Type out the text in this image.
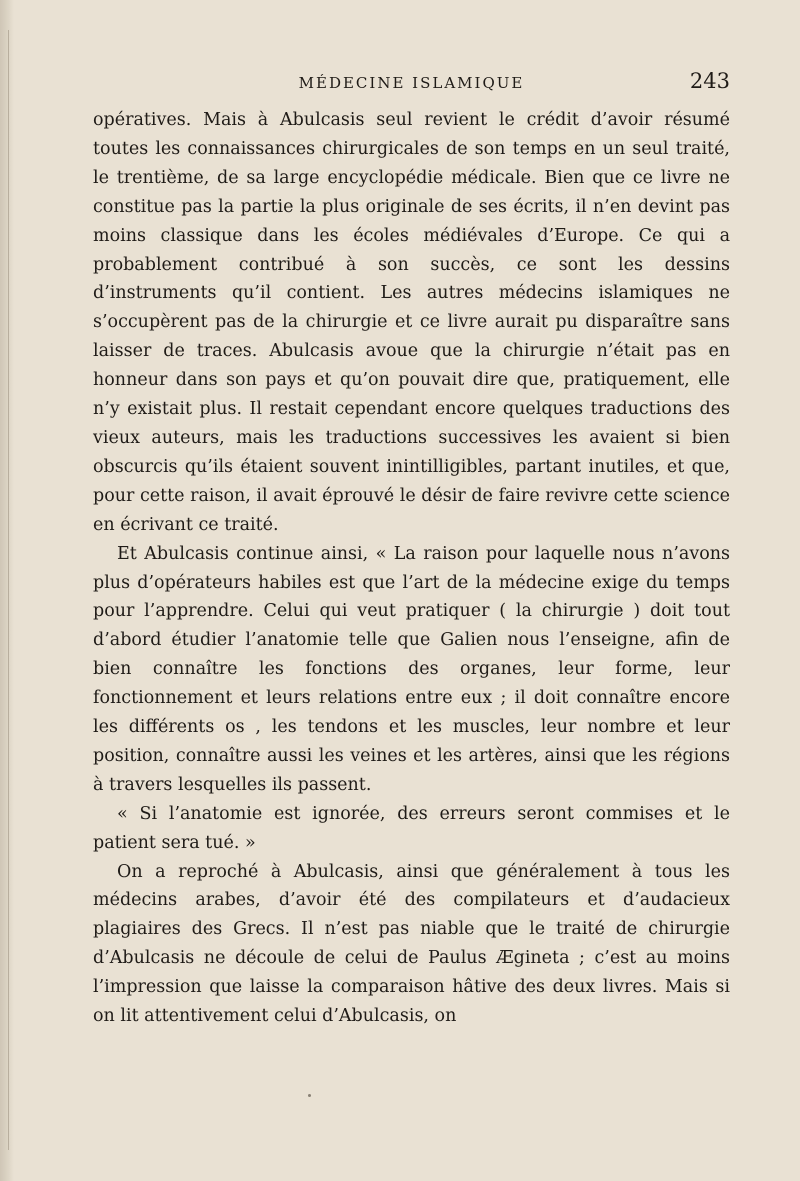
MÉDECINE ISLAMIQUE	243

opératives. Mais à Abulcasis seul revient le crédit d’avoir résumé toutes les connaissances chirurgicales de son temps en un seul traité, le trentième, de sa large encyclopédie médicale. Bien que ce livre ne constitue pas la partie la plus originale de ses écrits, il n’en devint pas moins classique dans les écoles médiévales d’Europe. Ce qui a probablement contribué à son succès, ce sont les dessins d’instruments qu’il contient. Les autres médecins islamiques ne s’occupèrent pas de la chirurgie et ce livre aurait pu disparaître sans laisser de traces. Abulcasis avoue que la chirurgie n’était pas en honneur dans son pays et qu’on pouvait dire que, pratiquement, elle n’y existait plus. Il restait cependant encore quelques traductions des vieux auteurs, mais les traductions successives les avaient si bien obscurcis qu’ils étaient souvent inintilligibles, partant inutiles, et que, pour cette raison, il avait éprouvé le désir de faire revivre cette science en écrivant ce traité.

Et Abulcasis continue ainsi, « La raison pour laquelle nous n’avons plus d’opérateurs habiles est que l’art de la médecine exige du temps pour l’apprendre. Celui qui veut pratiquer ( la chirurgie ) doit tout d’abord étudier l’anatomie telle que Galien nous l’enseigne, afin de bien connaître les fonctions des organes, leur forme, leur fonctionnement et leurs relations entre eux ; il doit connaître encore les différents os , les tendons et les muscles, leur nombre et leur position, connaître aussi les veines et les artères, ainsi que les régions à travers lesquelles ils passent.

« Si l’anatomie est ignorée, des erreurs seront commises et le patient sera tué. »

On a reproché à Abulcasis, ainsi que généralement à tous les médecins arabes, d’avoir été des compilateurs et d’audacieux plagiaires des Grecs. Il n’est pas niable que le traité de chirurgie d’Abulcasis ne découle de celui de Paulus Ægineta ; c’est au moins l’impression que laisse la comparaison hâtive des deux livres. Mais si on lit attentivement celui d’Abulcasis, on
